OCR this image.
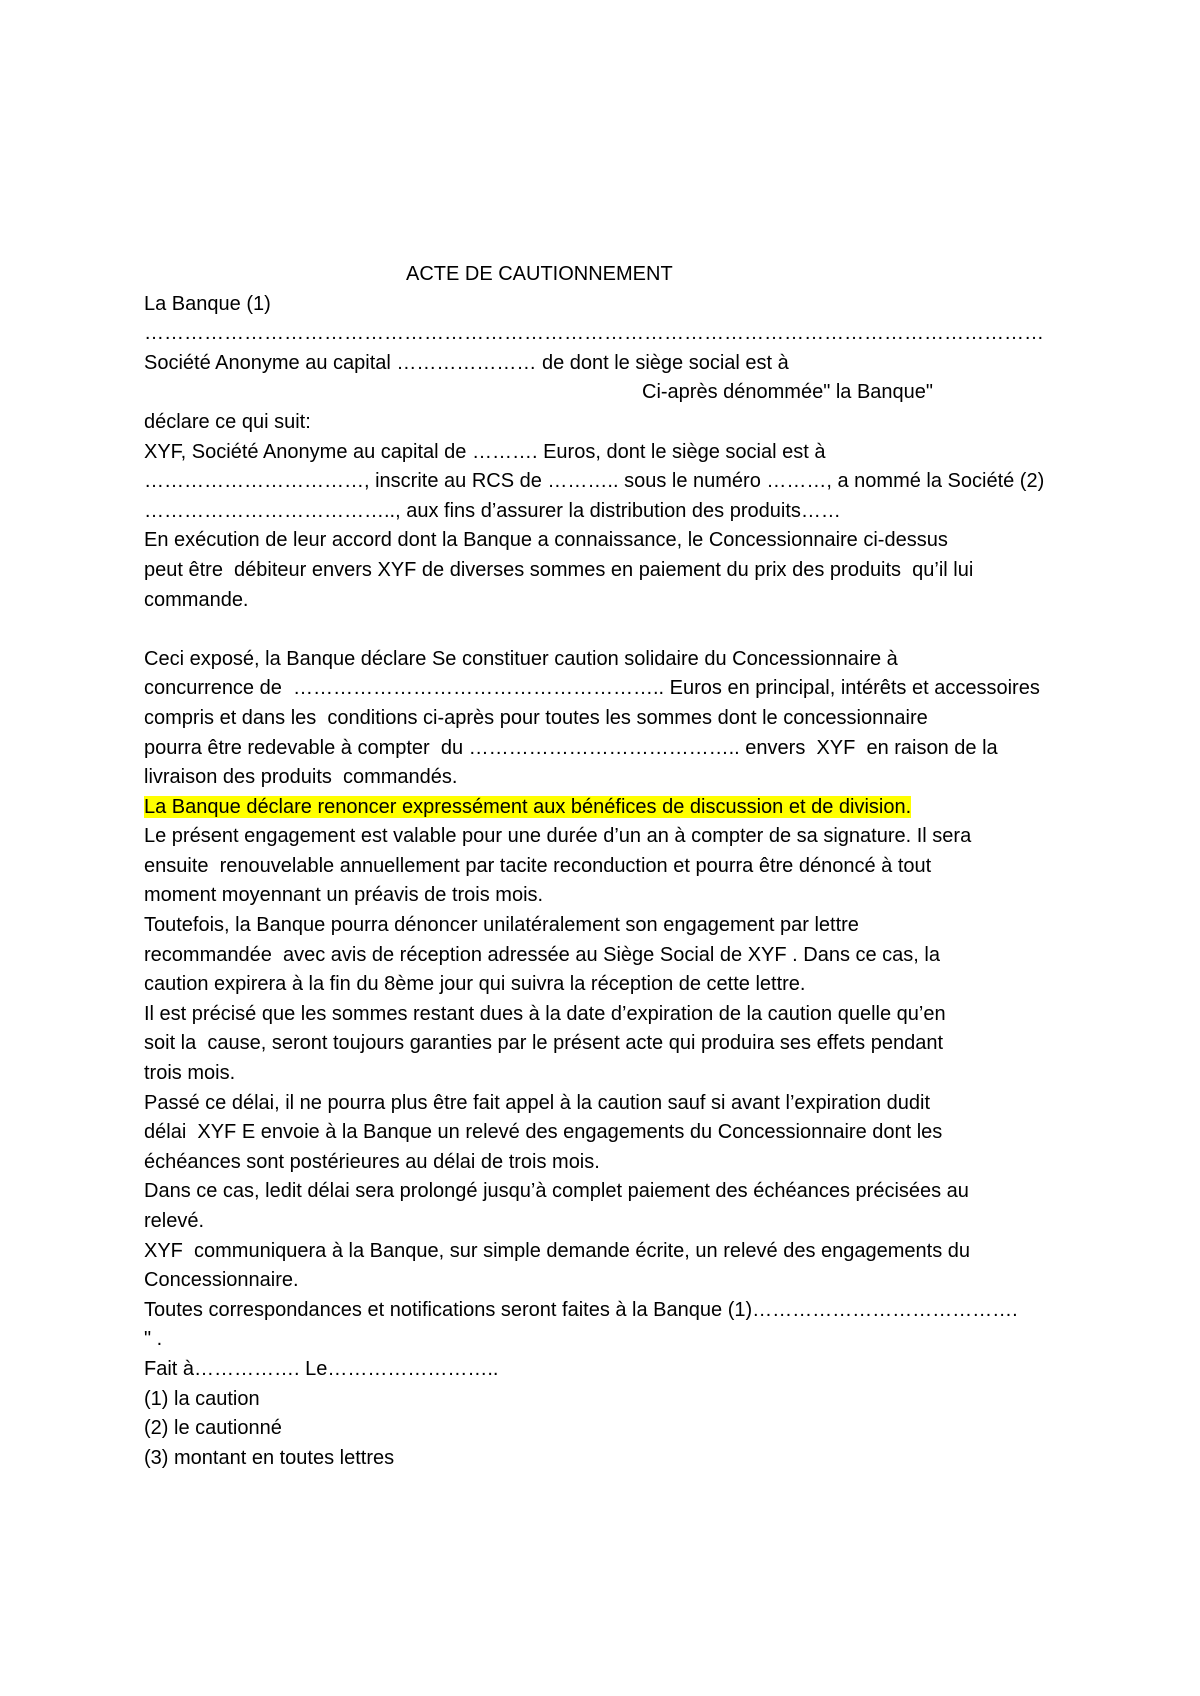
ACTE DE CAUTIONNEMENT
La Banque (1)
………………………………………………………………………………………………………………………
Société Anonyme au capital ………………… de dont le siège social est à
Ci-après dénommée" la Banque"
déclare ce qui suit:
XYF, Société Anonyme au capital de ………. Euros, dont le siège social est à
……………………………, inscrite au RCS de ……….. sous le numéro ………, a nommé la Société (2)
……………………………….., aux fins d’assurer la distribution des produits……
En exécution de leur accord dont la Banque a connaissance, le Concessionnaire ci-dessus
peut être  débiteur envers XYF de diverses sommes en paiement du prix des produits  qu’il lui
commande.
Ceci exposé, la Banque déclare Se constituer caution solidaire du Concessionnaire à
concurrence de  ……………………………………………….. Euros en principal, intérêts et accessoires
compris et dans les  conditions ci-après pour toutes les sommes dont le concessionnaire
pourra être redevable à compter  du ………………………………….. envers  XYF  en raison de la
livraison des produits  commandés.
La Banque déclare renoncer expressément aux bénéfices de discussion et de division.
Le présent engagement est valable pour une durée d’un an à compter de sa signature. Il sera
ensuite  renouvelable annuellement par tacite reconduction et pourra être dénoncé à tout
moment moyennant un préavis de trois mois.
Toutefois, la Banque pourra dénoncer unilatéralement son engagement par lettre
recommandée  avec avis de réception adressée au Siège Social de XYF . Dans ce cas, la
caution expirera à la fin du 8ème jour qui suivra la réception de cette lettre.
Il est précisé que les sommes restant dues à la date d’expiration de la caution quelle qu’en
soit la  cause, seront toujours garanties par le présent acte qui produira ses effets pendant
trois mois.
Passé ce délai, il ne pourra plus être fait appel à la caution sauf si avant l’expiration dudit
délai  XYF E envoie à la Banque un relevé des engagements du Concessionnaire dont les
échéances sont postérieures au délai de trois mois.
Dans ce cas, ledit délai sera prolongé jusqu’à complet paiement des échéances précisées au
relevé.
XYF  communiquera à la Banque, sur simple demande écrite, un relevé des engagements du
Concessionnaire.
Toutes correspondances et notifications seront faites à la Banque (1)………………………………….
" .
Fait à……………. Le……………………..
(1) la caution
(2) le cautionné
(3) montant en toutes lettres
